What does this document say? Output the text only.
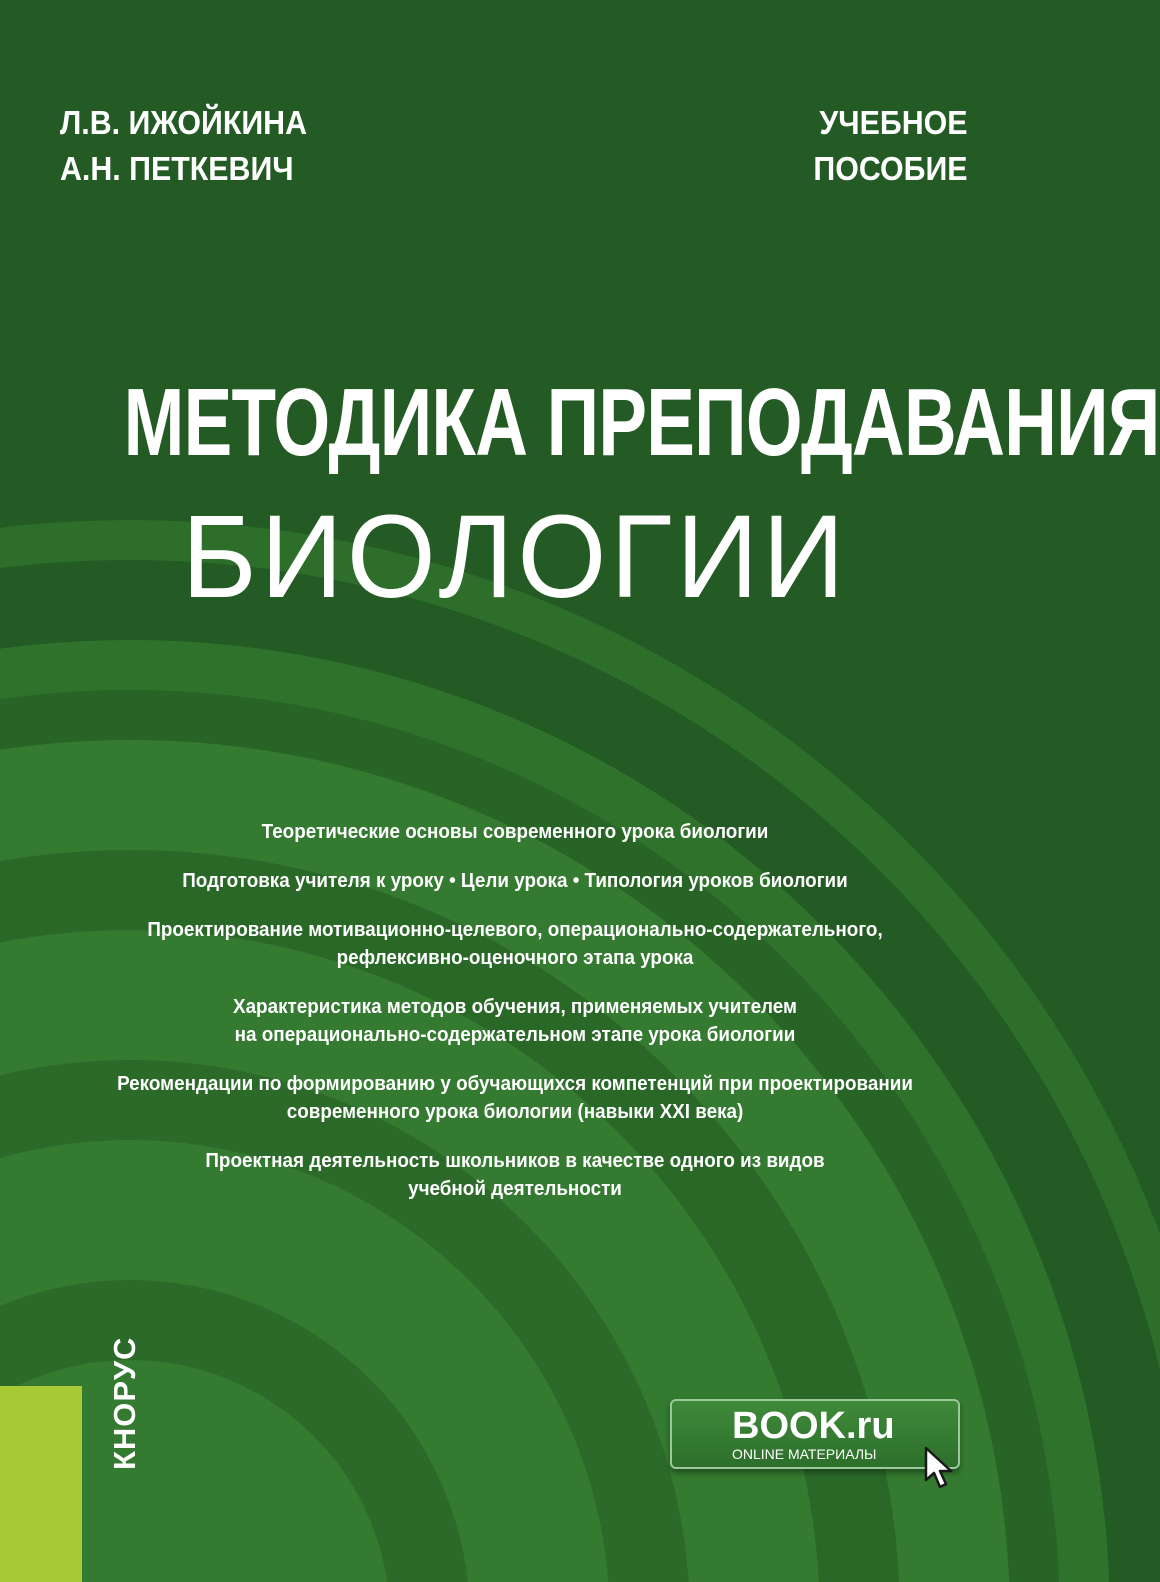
Л.В. ИЖОЙКИНА
А.Н. ПЕТКЕВИЧ
УЧЕБНОЕ
ПОСОБИЕ
МЕТОДИКА ПРЕПОДАВАНИЯ
БИОЛОГИИ
Теоретические основы современного урока биологии
Подготовка учителя к уроку • Цели урока • Типология уроков биологии
Проектирование мотивационно-целевого, операционально-содержательного,
рефлексивно-оценочного этапа урока
Характеристика методов обучения, применяемых учителем
на операционально-содержательном этапе урока биологии
Рекомендации по формированию у обучающихся компетенций при проектировании
современного урока биологии (навыки XXI века)
Проектная деятельность школьников в качестве одного из видов
учебной деятельности
КНОРУС	BOOK.ru
ONLINE МАТЕРИАЛЫ
